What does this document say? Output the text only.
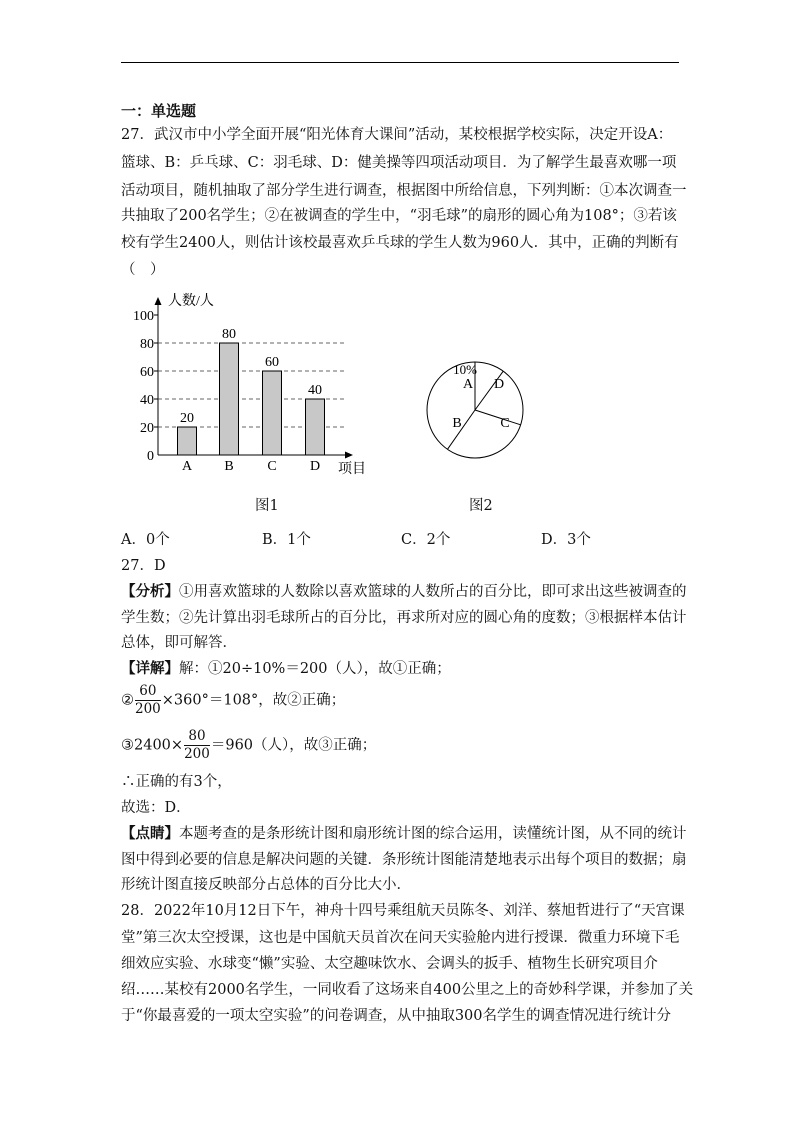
一：单选题
27．武汉市中小学全面开展“阳光体育大课间”活动，某校根据学校实际，决定开设A：
篮球、B：乒乓球、C：羽毛球、D：健美操等四项活动项目．为了解学生最喜欢哪一项
活动项目，随机抽取了部分学生进行调查，根据图中所给信息，下列判断：①本次调查一
共抽取了200名学生；②在被调查的学生中，“羽毛球”的扇形的圆心角为108°；③若该
校有学生2400人，则估计该校最喜欢乒乓球的学生人数为960人．其中，正确的判断有
（　）
人数/人
项目
0
20
40
60
80
100
20
A
80
B
60
C
40
D
10%
A
B	C
D
图1	图2
A．0个	B．1个	C．2个	D．3个
27．D
【分析】①用喜欢篮球的人数除以喜欢篮球的人数所占的百分比，即可求出这些被调查的
学生数；②先计算出羽毛球所占的百分比，再求所对应的圆心角的度数；③根据样本估计
总体，即可解答．
【详解】解：①20÷10%＝200（人），故①正确；
② $\frac{60}{200} \times 360^\circ=108^\circ$，故②正确；
③2400× $\frac{80}{200} =960$（人），故③正确；
∴正确的有3个，
故选：D．
【点睛】本题考查的是条形统计图和扇形统计图的综合运用，读懂统计图，从不同的统计
图中得到必要的信息是解决问题的关键．条形统计图能清楚地表示出每个项目的数据；扇
形统计图直接反映部分占总体的百分比大小．
28．2022年10月12日下午，神舟十四号乘组航天员陈冬、刘洋、蔡旭哲进行了“天宫课
堂”第三次太空授课，这也是中国航天员首次在问天实验舱内进行授课．微重力环境下毛
细效应实验、水球变“懒”实验、太空趣味饮水、会调头的扳手、植物生长研究项目介
绍……某校有2000名学生，一同收看了这场来自400公里之上的奇妙科学课，并参加了关
于“你最喜爱的一项太空实验”的问卷调查，从中抽取300名学生的调查情况进行统计分
